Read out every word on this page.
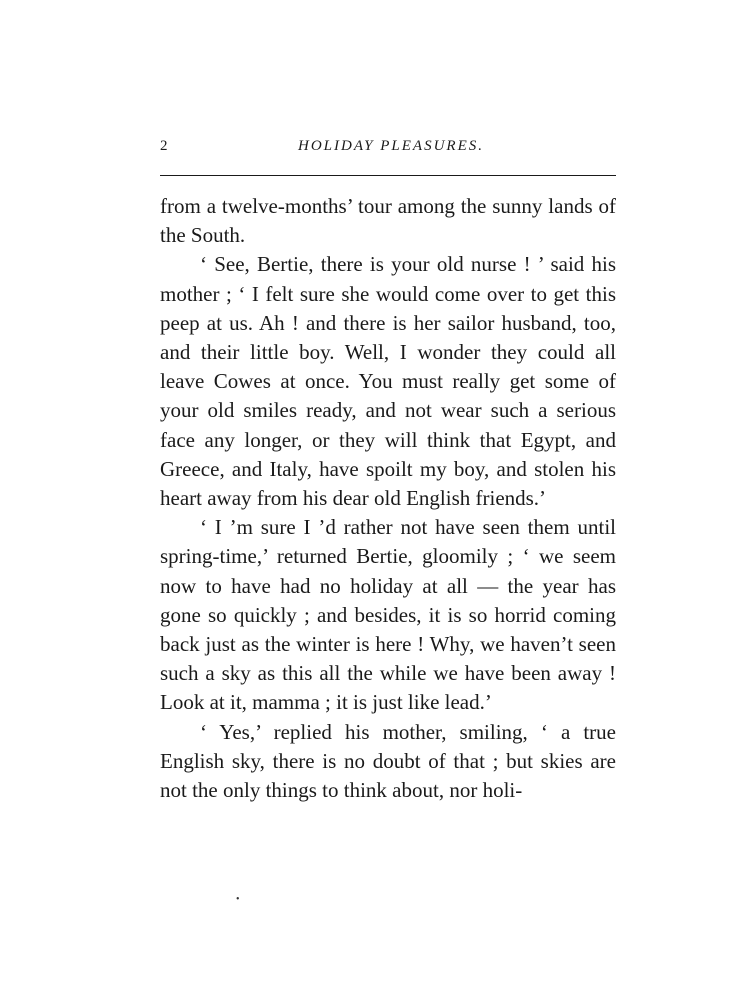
2	HOLIDAY PLEASURES.

from a twelve-months’ tour among the sunny lands of the South.

‘ See, Bertie, there is your old nurse ! ’ said his mother ; ‘ I felt sure she would come over to get this peep at us. Ah ! and there is her sailor husband, too, and their little boy. Well, I wonder they could all leave Cowes at once. You must really get some of your old smiles ready, and not wear such a serious face any longer, or they will think that Egypt, and Greece, and Italy, have spoilt my boy, and stolen his heart away from his dear old English friends.’

‘ I ’m sure I ’d rather not have seen them until spring-time,’ returned Bertie, gloomily ; ‘ we seem now to have had no holiday at all — the year has gone so quickly ; and besides, it is so horrid coming back just as the winter is here ! Why, we haven’t seen such a sky as this all the while we have been away ! Look at it, mamma ; it is just like lead.’

‘ Yes,’ replied his mother, smiling, ‘ a true English sky, there is no doubt of that ; but skies are not the only things to think about, nor holi-

•
